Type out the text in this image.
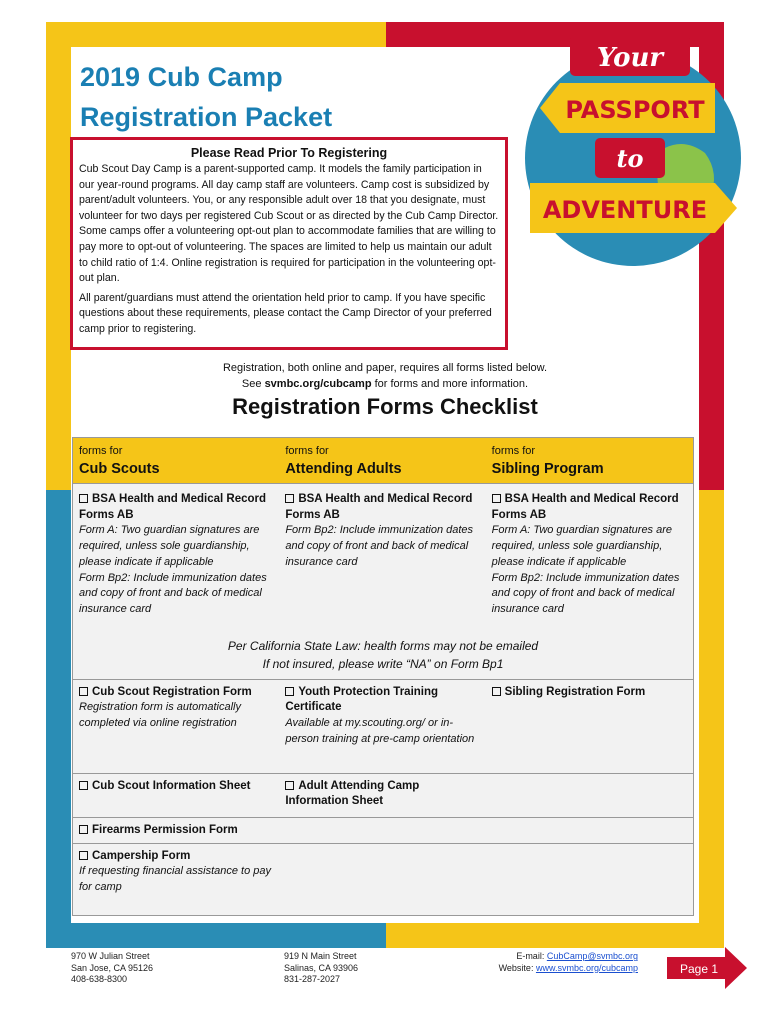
2019 Cub Camp
Registration Packet
Your
PASSPORT
to
ADVENTURE
Please Read Prior To Registering

Cub Scout Day Camp is a parent-supported camp. It models the family participation in our year-round programs. All day camp staff are volunteers. Camp cost is subsidized by parent/adult volunteers. You, or any responsible adult over 18 that you designate, must volunteer for two days per registered Cub Scout or as directed by the Cub Camp Director. Some camps offer a volunteering opt-out plan to accommodate families that are willing to pay more to opt-out of volunteering. The spaces are limited to help us maintain our adult to child ratio of 1:4. Online registration is required for participation in the volunteering opt-out plan.

All parent/guardians must attend the orientation held prior to camp. If you have specific questions about these requirements, please contact the Camp Director of your preferred camp prior to registering.

Registration, both online and paper, requires all forms listed below.
See svmbc.org/cubcamp for forms and more information.
Registration Forms Checklist
forms for
Cub Scouts
forms for
Attending Adults
forms for
Sibling Program
BSA Health and Medical Record Forms AB
Form A: Two guardian signatures are required, unless sole guardianship, please indicate if applicable
Form Bp2: Include immunization dates and copy of front and back of medical insurance card
BSA Health and Medical Record Forms AB
Form Bp2: Include immunization dates and copy of front and back of medical insurance card
BSA Health and Medical Record Forms AB
Form A: Two guardian signatures are required, unless sole guardianship, please indicate if applicable
Form Bp2: Include immunization dates and copy of front and back of medical insurance card
Per California State Law: health forms may not be emailed
If not insured, please write “NA” on Form Bp1
Cub Scout Registration Form
Registration form is automatically completed via online registration
Youth Protection Training Certificate
Available at my.scouting.org/ or in-person training at pre-camp orientation
Sibling Registration Form
Cub Scout Information Sheet	Adult Attending Camp Information Sheet
Firearms Permission Form
Campership Form
If requesting financial assistance to pay for camp
970 W Julian Street
San Jose, CA 95126
408-638-8300
919 N Main Street
Salinas, CA 93906
831-287-2027
E-mail: CubCamp@svmbc.org
Website: www.svmbc.org/cubcamp	Page 1
